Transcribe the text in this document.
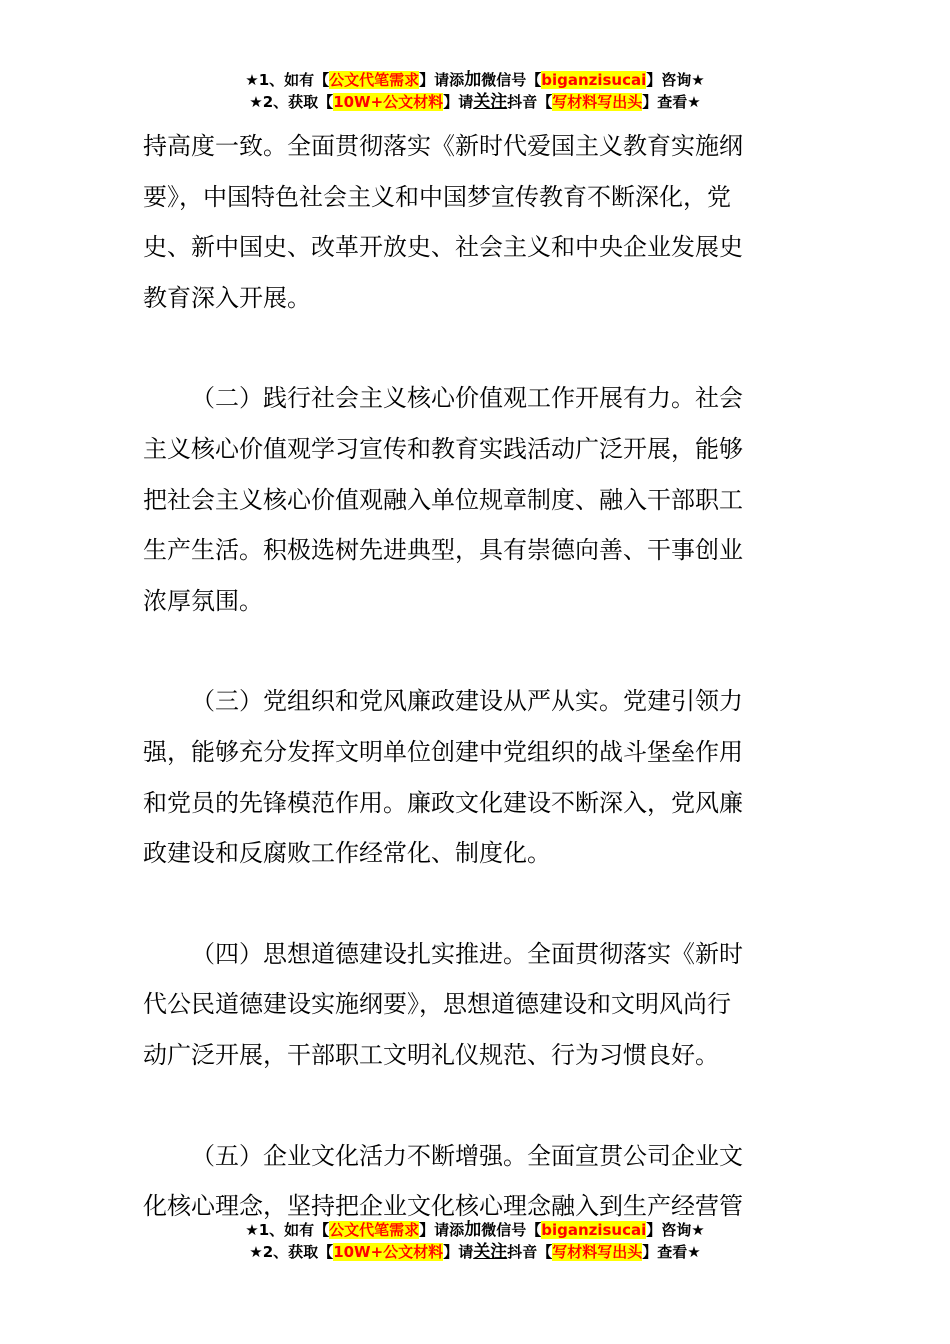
★1、如有【公文代笔需求】请添加微信号【biganzisucai】咨询★
★2、获取【10W+公文材料】请关注抖音【写材料写出头】查看★

持高度一致。全面贯彻落实《新时代爱国主义教育实施纲

要》，中国特色社会主义和中国梦宣传教育不断深化，党

史、新中国史、改革开放史、社会主义和中央企业发展史

教育深入开展。

（二）践行社会主义核心价值观工作开展有力。社会

主义核心价值观学习宣传和教育实践活动广泛开展，能够

把社会主义核心价值观融入单位规章制度、融入干部职工

生产生活。积极选树先进典型，具有崇德向善、干事创业

浓厚氛围。

（三）党组织和党风廉政建设从严从实。党建引领力

强，能够充分发挥文明单位创建中党组织的战斗堡垒作用

和党员的先锋模范作用。廉政文化建设不断深入，党风廉

政建设和反腐败工作经常化、制度化。

（四）思想道德建设扎实推进。全面贯彻落实《新时

代公民道德建设实施纲要》，思想道德建设和文明风尚行

动广泛开展，干部职工文明礼仪规范、行为习惯良好。

（五）企业文化活力不断增强。全面宣贯公司企业文

化核心理念，坚持把企业文化核心理念融入到生产经营管

★1、如有【公文代笔需求】请添加微信号【biganzisucai】咨询★
★2、获取【10W+公文材料】请关注抖音【写材料写出头】查看★
